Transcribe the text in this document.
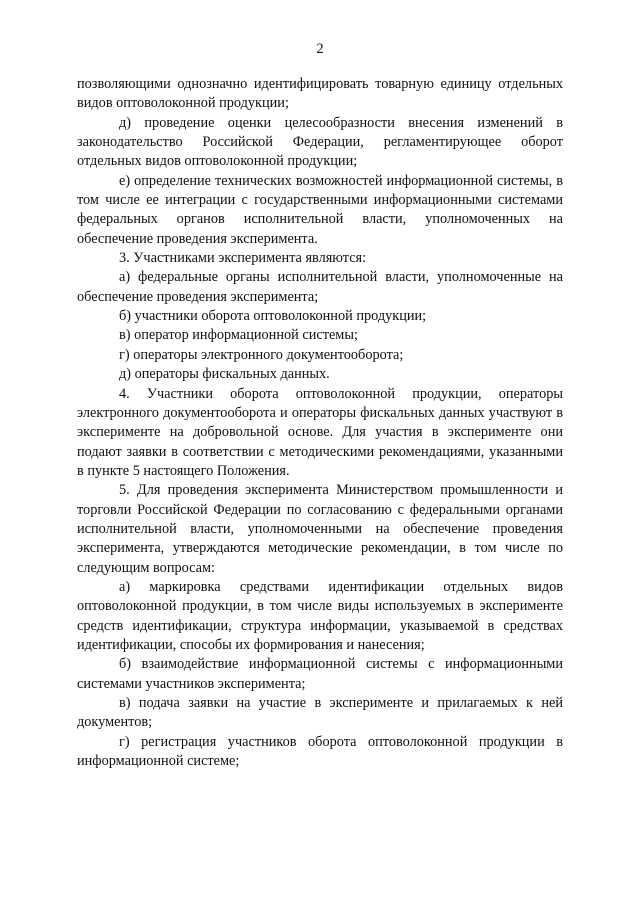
2

позволяющими однозначно идентифицировать товарную единицу отдельных видов оптоволоконной продукции;

д) проведение оценки целесообразности внесения изменений в законодательство Российской Федерации, регламентирующее оборот отдельных видов оптоволоконной продукции;

е) определение технических возможностей информационной системы, в том числе ее интеграции с государственными информационными системами федеральных органов исполнительной власти, уполномоченных на обеспечение проведения эксперимента.

3. Участниками эксперимента являются:

а) федеральные органы исполнительной власти, уполномоченные на обеспечение проведения эксперимента;

б) участники оборота оптоволоконной продукции;

в) оператор информационной системы;

г) операторы электронного документооборота;

д) операторы фискальных данных.

4. Участники оборота оптоволоконной продукции, операторы электронного документооборота и операторы фискальных данных участвуют в эксперименте на добровольной основе. Для участия в эксперименте они подают заявки в соответствии с методическими рекомендациями, указанными в пункте 5 настоящего Положения.

5. Для проведения эксперимента Министерством промышленности и торговли Российской Федерации по согласованию с федеральными органами исполнительной власти, уполномоченными на обеспечение проведения эксперимента, утверждаются методические рекомендации, в том числе по следующим вопросам:

а) маркировка средствами идентификации отдельных видов оптоволоконной продукции, в том числе виды используемых в эксперименте средств идентификации, структура информации, указываемой в средствах идентификации, способы их формирования и нанесения;

б) взаимодействие информационной системы с информационными системами участников эксперимента;

в) подача заявки на участие в эксперименте и прилагаемых к ней документов;

г) регистрация участников оборота оптоволоконной продукции в информационной системе;
